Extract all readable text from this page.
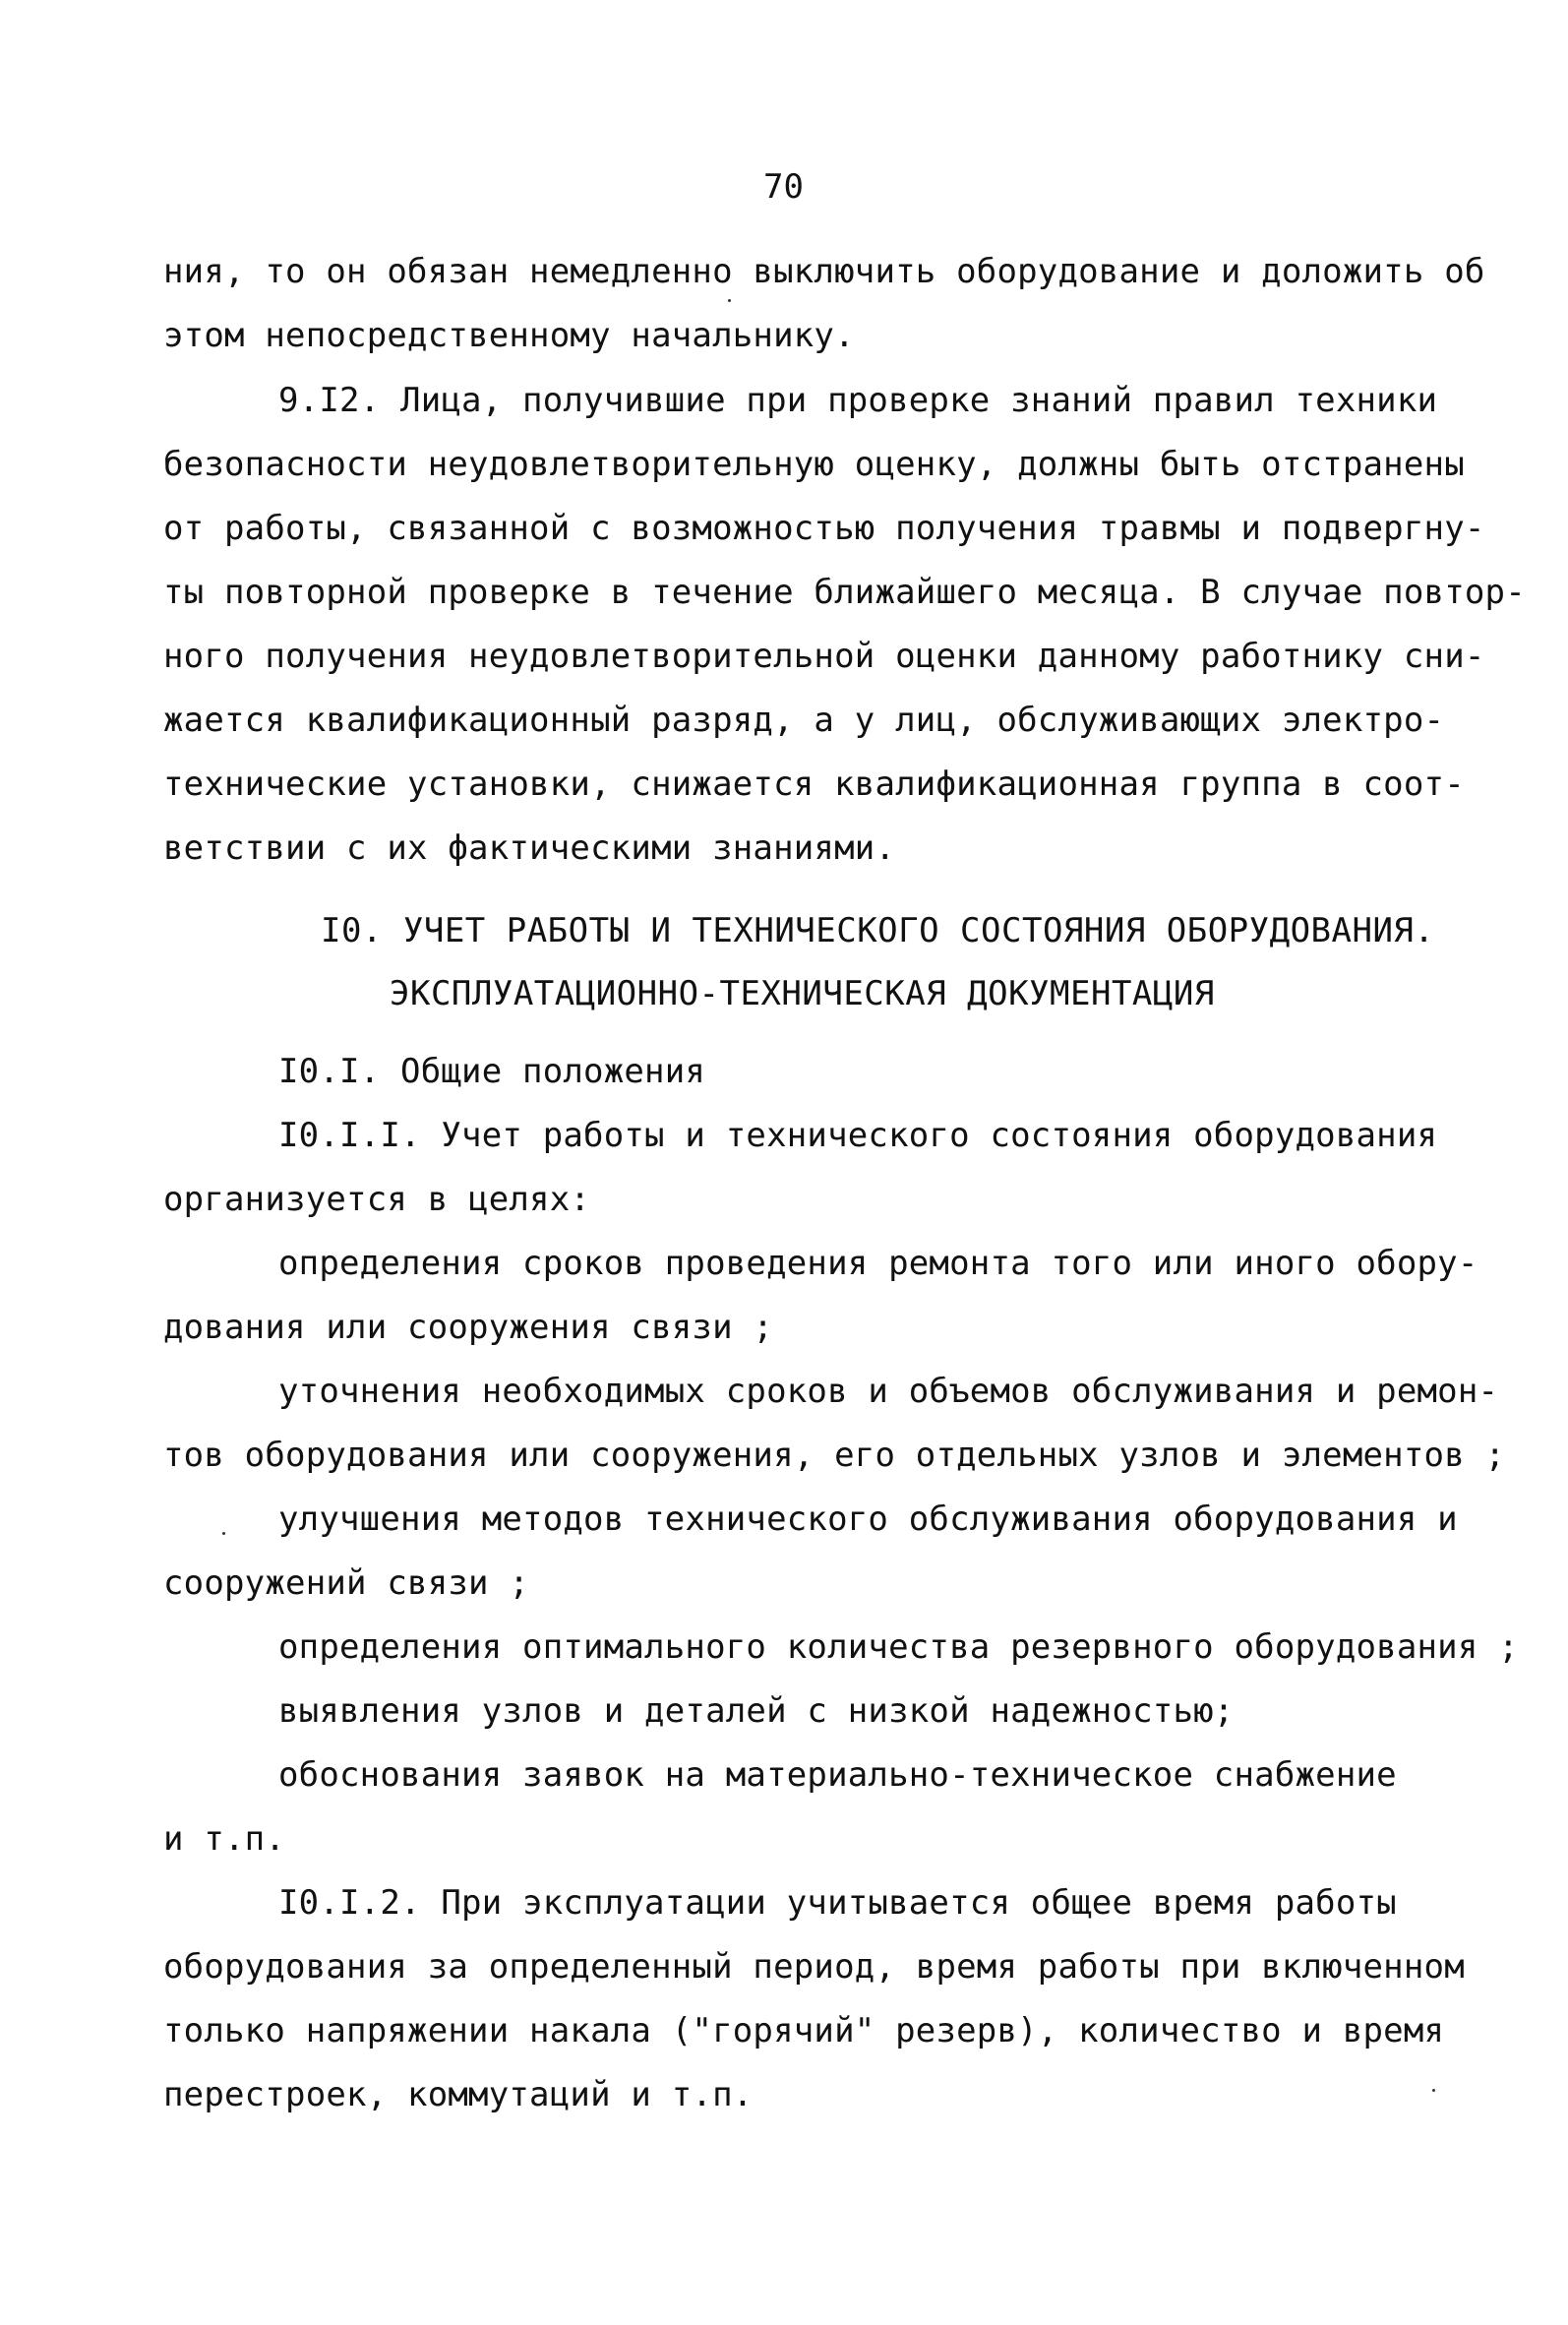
70
ния, то он обязан немедленно выключить оборудование и доложить об
этом непосредственному начальнику.
9.I2. Лица, получившие при проверке знаний правил техники
безопасности неудовлетворительную оценку, должны быть отстранены
от работы, связанной с возможностью получения травмы и подвергну-
ты повторной проверке в течение ближайшего месяца. В случае повтор-
ного получения неудовлетворительной оценки данному работнику сни-
жается квалификационный разряд, а у лиц, обслуживающих электро-
технические установки, снижается квалификационная группа в соот-
ветствии с их фактическими знаниями.
I0. УЧЕТ РАБОТЫ И ТЕХНИЧЕСКОГО СОСТОЯНИЯ ОБОРУДОВАНИЯ.
ЭКСПЛУАТАЦИОННО-ТЕХНИЧЕСКАЯ ДОКУМЕНТАЦИЯ
I0.I. Общие положения
I0.I.I. Учет работы и технического состояния оборудования
организуется в целях:
определения сроков проведения ремонта того или иного обору-
дования или сооружения связи ;
уточнения необходимых сроков и объемов обслуживания и ремон-
тов оборудования или сооружения, его отдельных узлов и элементов ;
улучшения методов технического обслуживания оборудования и
сооружений связи ;
определения оптимального количества резервного оборудования ;
выявления узлов и деталей с низкой надежностью;
обоснования заявок на материально-техническое снабжение
и т.п.
I0.I.2. При эксплуатации учитывается общее время работы
оборудования за определенный период, время работы при включенном
только напряжении накала ("горячий" резерв), количество и время
перестроек, коммутаций и т.п.
